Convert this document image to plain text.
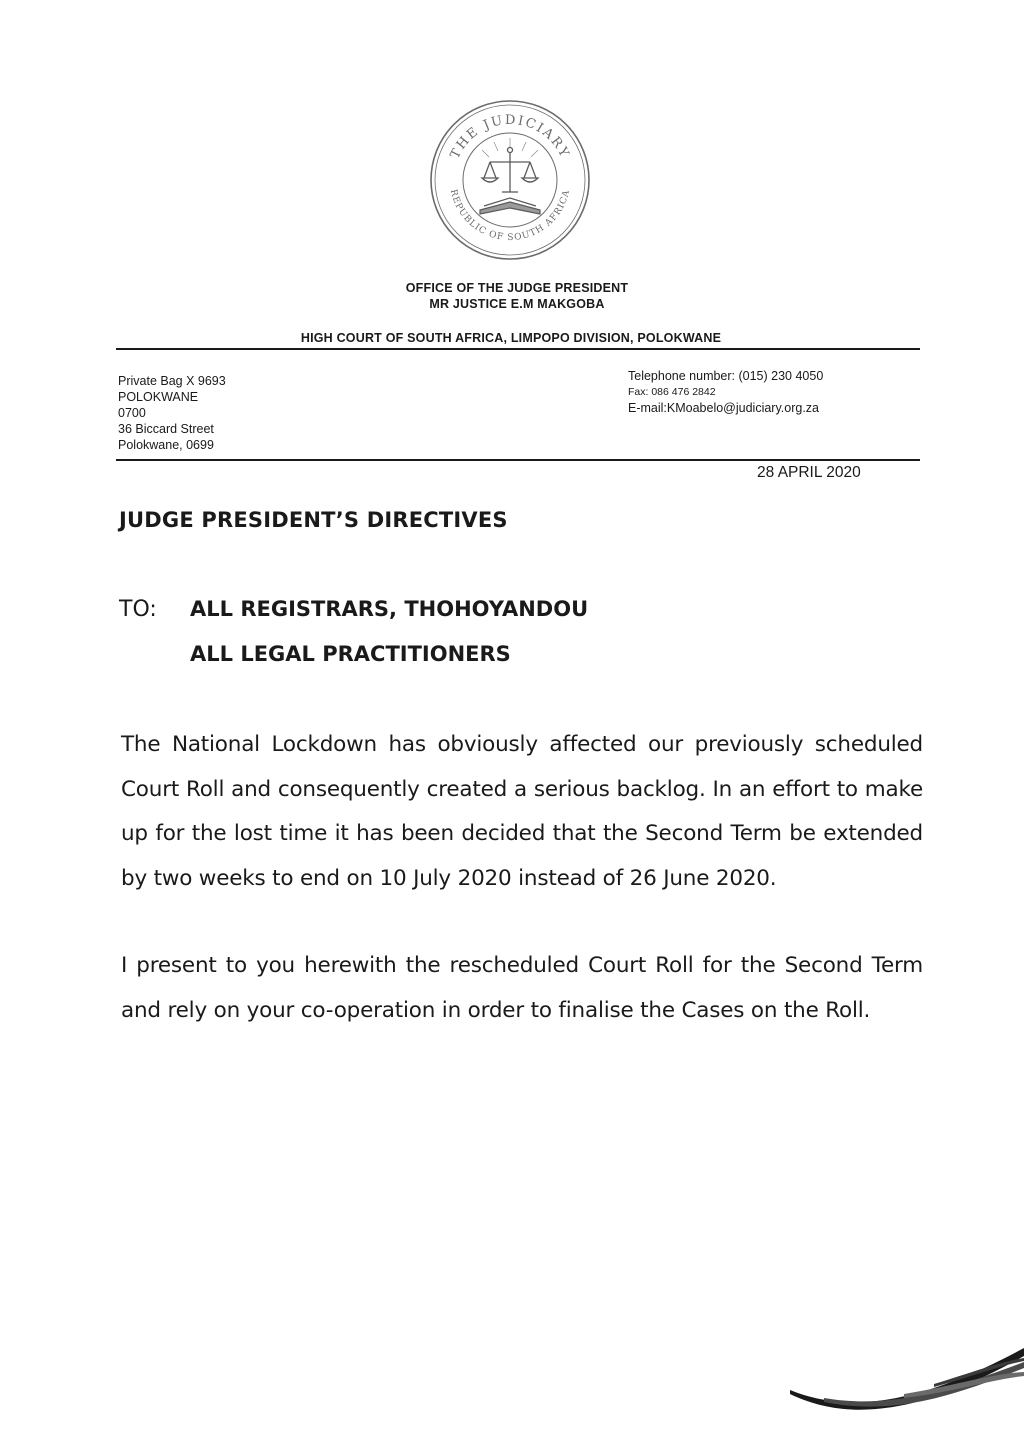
THE JUDICIARY
REPUBLIC OF SOUTH AFRICA
OFFICE OF THE JUDGE PRESIDENT
MR JUSTICE E.M MAKGOBA
HIGH COURT OF SOUTH AFRICA, LIMPOPO DIVISION, POLOKWANE
Private Bag X 9693
POLOKWANE
0700
36 Biccard Street
Polokwane, 0699
Telephone number: (015) 230 4050
Fax: 086 476 2842
E-mail:KMoabelo@judiciary.org.za
28 APRIL 2020
JUDGE PRESIDENT’S DIRECTIVES
TO: ALL REGISTRARS, THOHOYANDOU
ALL LEGAL PRACTITIONERS
The National Lockdown has obviously affected our previously scheduled Court Roll and consequently created a serious backlog. In an effort to make up for the lost time it has been decided that the Second Term be extended by two weeks to end on 10 July 2020 instead of 26 June 2020.
I present to you herewith the rescheduled Court Roll for the Second Term and rely on your co-operation in order to finalise the Cases on the Roll.
